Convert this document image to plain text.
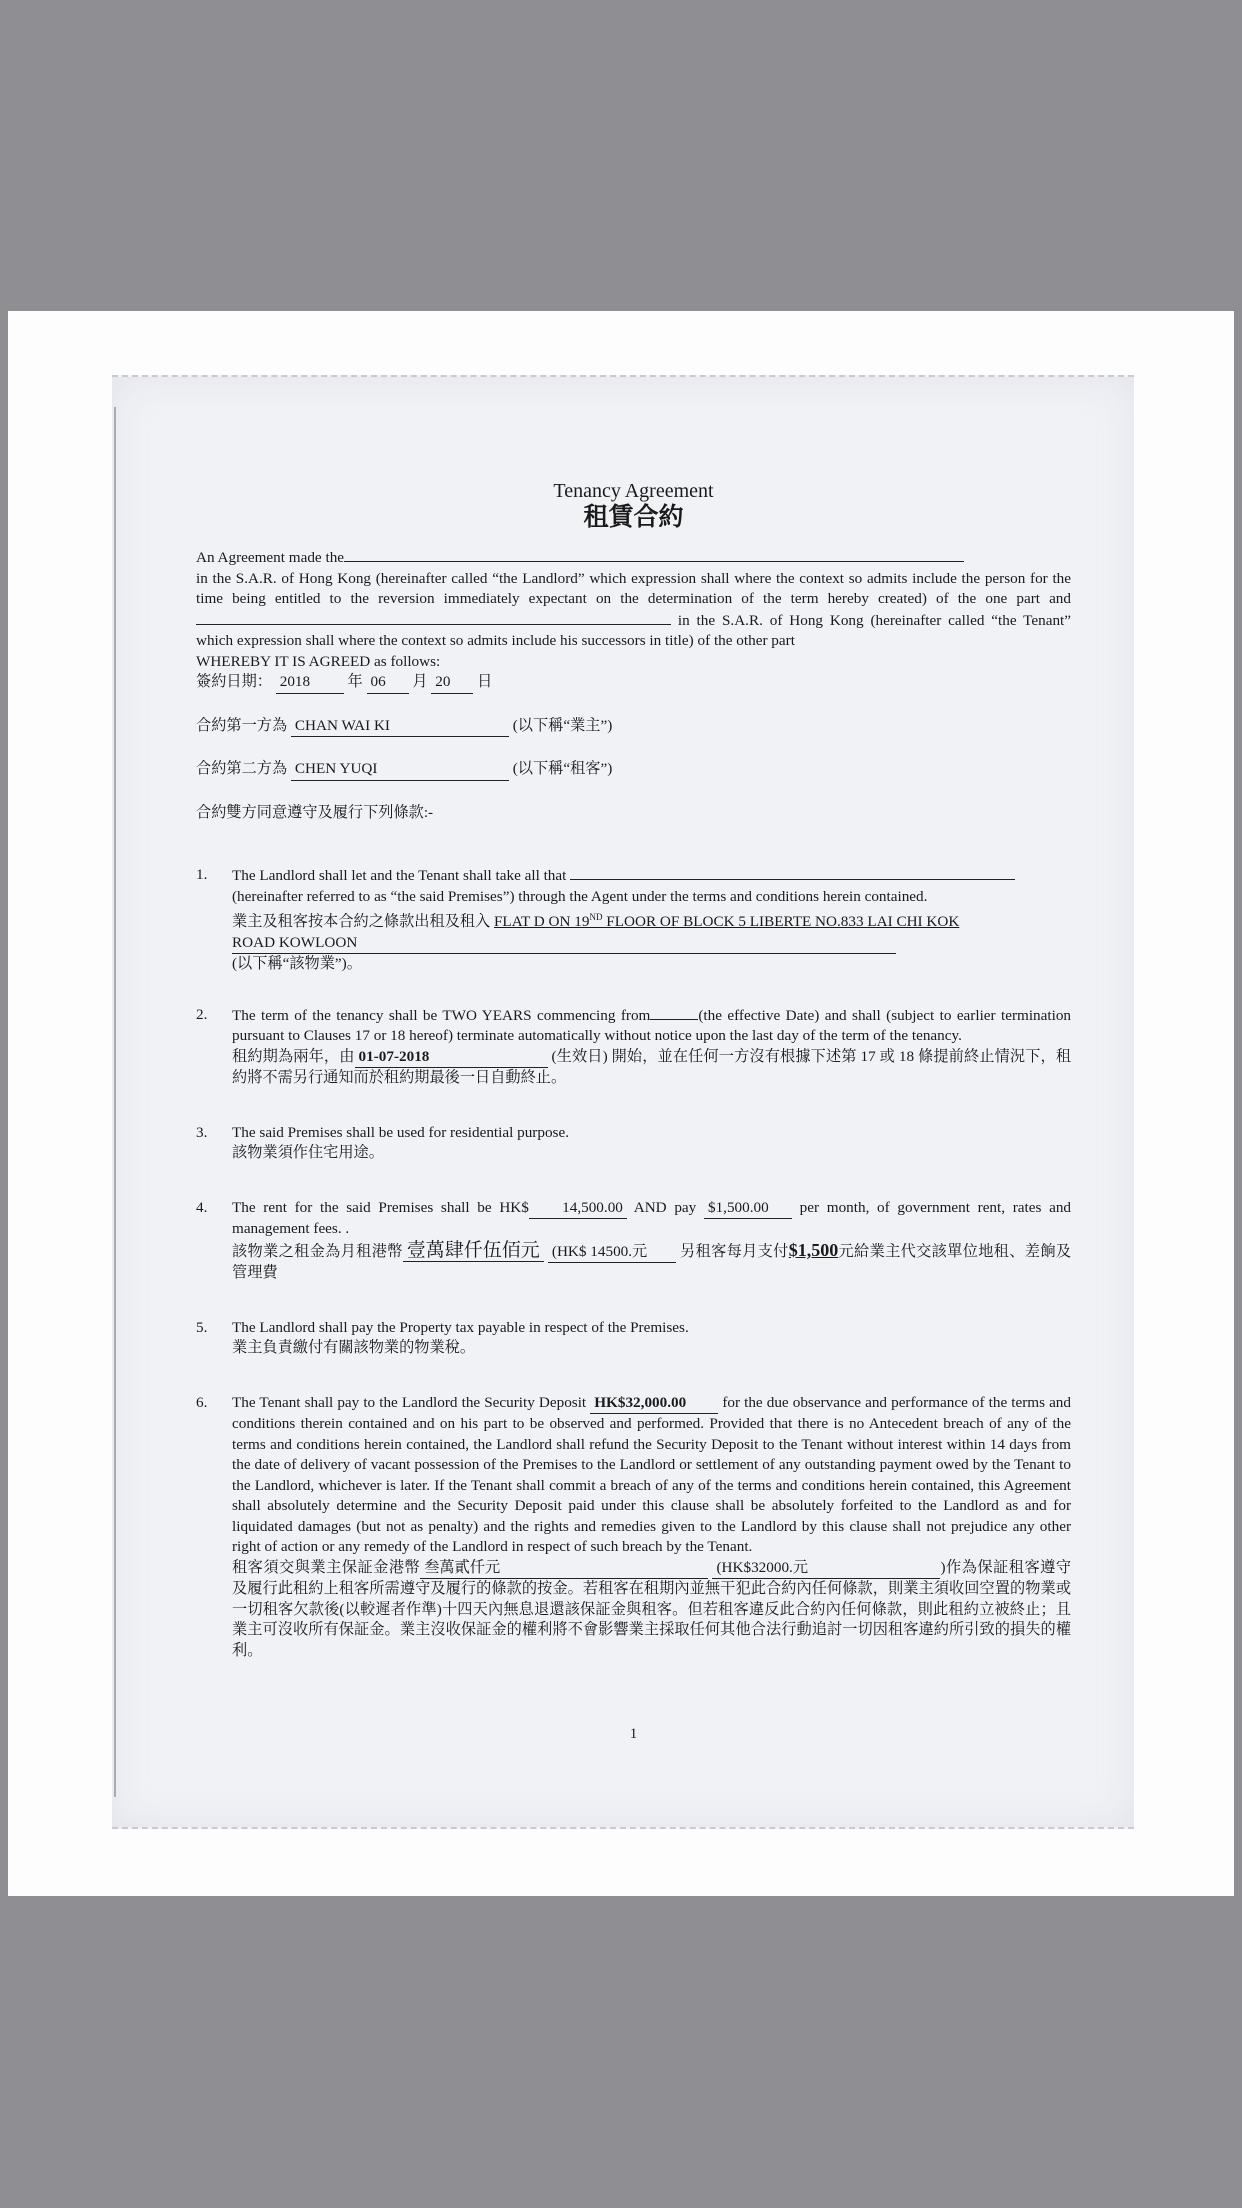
Tenancy Agreement

租賃合約

An Agreement made the
in the S.A.R. of Hong Kong (hereinafter called “the Landlord” which expression shall where the context so admits include the person for the time being entitled to the reversion immediately expectant on the determination of the term hereby created) of the one part and in the S.A.R. of Hong Kong (hereinafter called “the Tenant” which expression shall where the context so admits include his successors in title) of the other part
WHEREBY IT IS AGREED as follows:

簽約日期： 2018 年 06 月 20 日

合約第一方為 CHAN WAI KI	(以下稱“業主”)

合約第二方為 CHEN YUQI	(以下稱“租客”)

合約雙方同意遵守及履行下列條款:-

1. The Landlord shall let and the Tenant shall take all that
(hereinafter referred to as “the said Premises”) through the Agent under the terms and conditions herein contained.
業主及租客按本合約之條款出租及租入 FLAT D ON 19ND FLOOR OF BLOCK 5 LIBERTE NO.833 LAI CHI KOK
ROAD KOWLOON
(以下稱“該物業”)。

2. The term of the tenancy shall be TWO YEARS commencing from	(the effective Date) and shall (subject to earlier termination pursuant to Clauses 17 or 18 hereof) terminate automatically without notice upon the last day of the term of the tenancy.
租約期為兩年，由 01-07-2018	(生效日) 開始，並在任何一方沒有根據下述第 17 或 18 條提前終止情況下，租約將不需另行通知而於租約期最後一日自動終止。

3. The said Premises shall be used for residential purpose.
該物業須作住宅用途。

4. The rent for the said Premises shall be HK$ 14,500.00 AND pay $1,500.00 per month, of government rent, rates and management fees. .
該物業之租金為月租港幣 壹萬肆仟伍佰元 (HK$ 14500.元 另租客每月支付$1,500元給業主代交該單位地租、差餉及管理費

5. The Landlord shall pay the Property tax payable in respect of the Premises.
業主負責繳付有關該物業的物業稅。

6. The Tenant shall pay to the Landlord the Security Deposit HK$32,000.00 for the due observance and performance of the terms and conditions therein contained and on his part to be observed and performed. Provided that there is no Antecedent breach of any of the terms and conditions herein contained, the Landlord shall refund the Security Deposit to the Tenant without interest within 14 days from the date of delivery of vacant possession of the Premises to the Landlord or settlement of any outstanding payment owed by the Tenant to the Landlord, whichever is later. If the Tenant shall commit a breach of any of the terms and conditions herein contained, this Agreement shall absolutely determine and the Security Deposit paid under this clause shall be absolutely forfeited to the Landlord as and for liquidated damages (but not as penalty) and the rights and remedies given to the Landlord by this clause shall not prejudice any other right of action or any remedy of the Landlord in respect of such breach by the Tenant.
租客須交與業主保証金港幣 叁萬貳仟元	(HK$32000.元	)作為保証租客遵守及履行此租約上租客所需遵守及履行的條款的按金。若租客在租期內並無干犯此合約內任何條款，則業主須收回空置的物業或一切租客欠款後(以較遲者作準)十四天內無息退還該保証金與租客。但若租客違反此合約內任何條款，則此租約立被終止；且業主可沒收所有保証金。業主沒收保証金的權利將不會影響業主採取任何其他合法行動追討一切因租客違約所引致的損失的權利。

1
